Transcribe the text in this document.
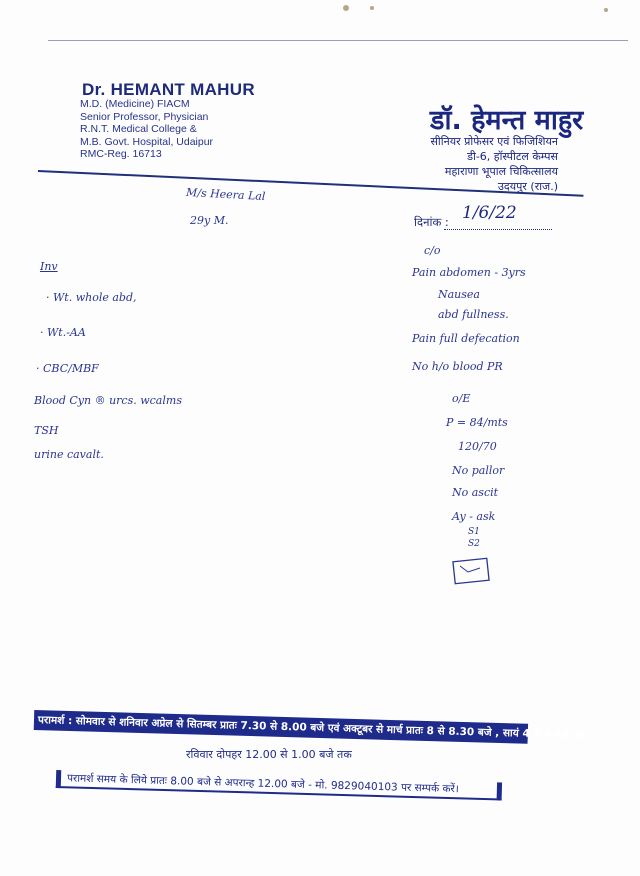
Dr. HEMANT MAHUR
M.D. (Medicine) FIACM
Senior Professor, Physician
R.N.T. Medical College &
M.B. Govt. Hospital, Udaipur
RMC-Reg. 16713
डॉ. हेमन्त माहुर
सीनियर प्रोफेसर एवं फिजिशियन
डी-6, हॉस्पीटल केम्पस
महाराणा भूपाल चिकित्सालय
उदयपुर (राज.)
दिनांक : 1/6/22
M/s Heera Lal
29y M.
Inv
· Wt. whole abd,
· Wt.-AA
· CBC/MBF
Blood Cyn ® urcs. wcalms
TSH
urine cavalt.
c/o
Pain abdomen - 3yrs
Nausea
abd fullness.
Pain full defecation
No h/o blood PR
o/E
P = 84/mts
120/70
No pallor
No ascit
Ay - ask
S1
S2
परामर्श : सोमवार से शनिवार अप्रेल से सितम्बर प्रातः 7.30 से 8.00 बजे एवं अक्टूबर से मार्च प्रातः 8 से 8.30 बजे , सायं 4 से 6 बजे तक
रविवार दोपहर 12.00 से 1.00 बजे तक
परामर्श समय के लिये प्रातः 8.00 बजे से अपरान्ह 12.00 बजे - मो. 9829040103 पर सम्पर्क करें।
